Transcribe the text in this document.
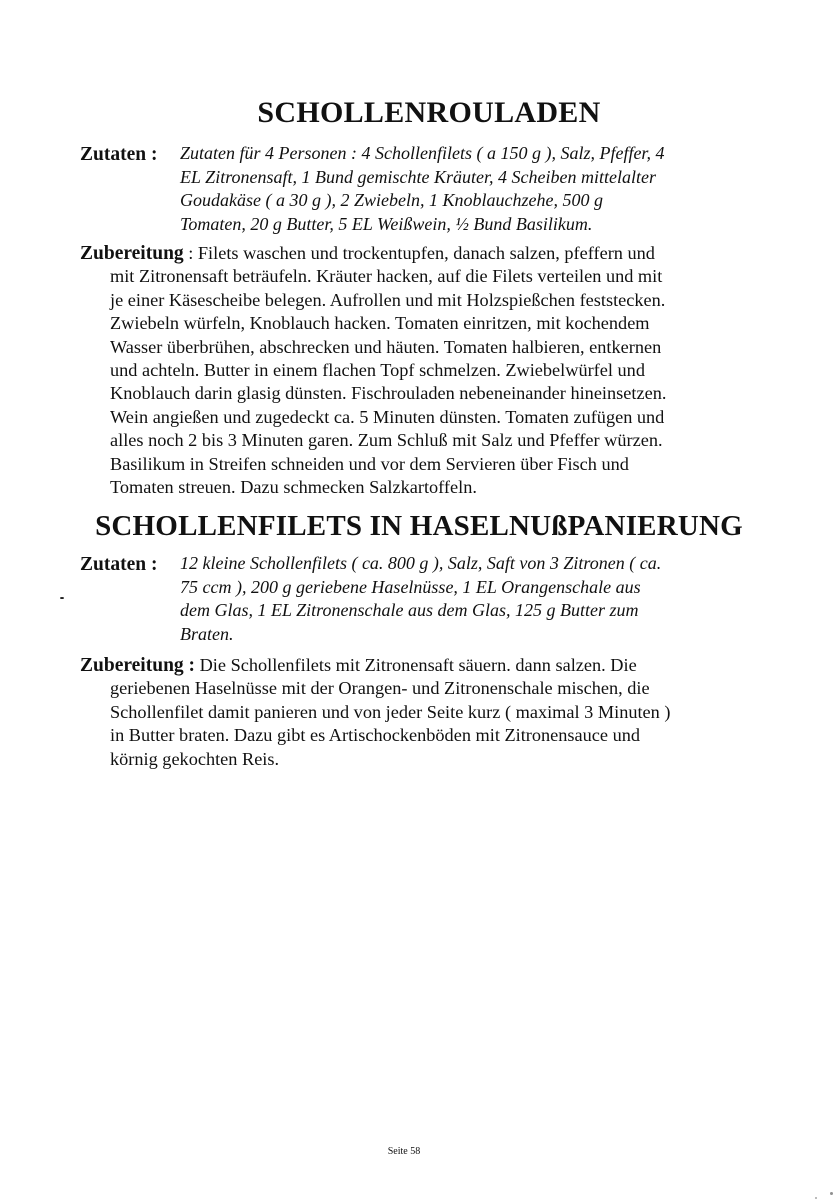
SCHOLLENROULADEN
Zutaten : Zutaten für 4 Personen : 4 Schollenfilets ( a 150 g ), Salz, Pfeffer, 4
EL Zitronensaft, 1 Bund gemischte Kräuter, 4 Scheiben mittelalter
Goudakäse ( a 30 g ), 2 Zwiebeln, 1 Knoblauchzehe, 500 g
Tomaten, 20 g Butter, 5 EL Weißwein, ½ Bund Basilikum.
Zubereitung : Filets waschen und trockentupfen, danach salzen, pfeffern und
mit Zitronensaft beträufeln. Kräuter hacken, auf die Filets verteilen und mit
je einer Käsescheibe belegen. Aufrollen und mit Holzspießchen feststecken.
Zwiebeln würfeln, Knoblauch hacken. Tomaten einritzen, mit kochendem
Wasser überbrühen, abschrecken und häuten. Tomaten halbieren, entkernen
und achteln. Butter in einem flachen Topf schmelzen. Zwiebelwürfel und
Knoblauch darin glasig dünsten. Fischrouladen nebeneinander hineinsetzen.
Wein angießen und zugedeckt ca. 5 Minuten dünsten. Tomaten zufügen und
alles noch 2 bis 3 Minuten garen. Zum Schluß mit Salz und Pfeffer würzen.
Basilikum in Streifen schneiden und vor dem Servieren über Fisch und
Tomaten streuen. Dazu schmecken Salzkartoffeln.
SCHOLLENFILETS IN HASELNUßPANIERUNG
Zutaten : 12 kleine Schollenfilets ( ca. 800 g ), Salz, Saft von 3 Zitronen ( ca.
75 ccm ), 200 g geriebene Haselnüsse, 1 EL Orangenschale aus
dem Glas, 1 EL Zitronenschale aus dem Glas, 125 g Butter zum
Braten.
Zubereitung : Die Schollenfilets mit Zitronensaft säuern. dann salzen. Die
geriebenen Haselnüsse mit der Orangen- und Zitronenschale mischen, die
Schollenfilet damit panieren und von jeder Seite kurz ( maximal 3 Minuten )
in Butter braten. Dazu gibt es Artischockenböden mit Zitronensauce und
körnig gekochten Reis.
Seite 58
